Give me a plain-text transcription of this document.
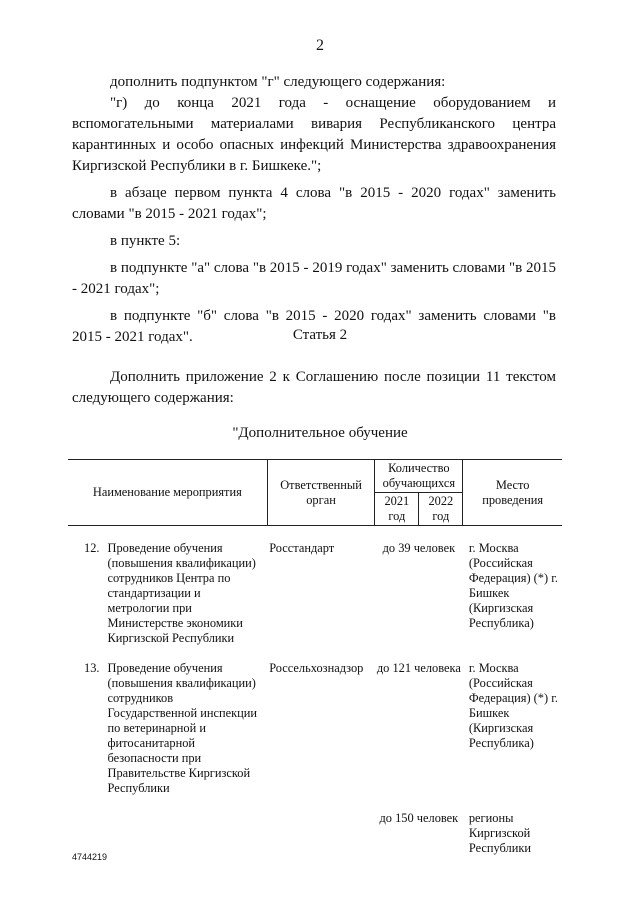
2

дополнить подпунктом "г" следующего содержания:

"г) до конца 2021 года - оснащение оборудованием и вспомогательными материалами вивария Республиканского центра карантинных и особо опасных инфекций Министерства здравоохранения Киргизской Республики в г. Бишкеке.";

в абзаце первом пункта 4 слова "в 2015 - 2020 годах" заменить словами "в 2015 - 2021 годах";

в пункте 5:

в подпункте "а" слова "в 2015 - 2019 годах" заменить словами "в 2015 - 2021 годах";

в подпункте "б" слова "в 2015 - 2020 годах" заменить словами "в 2015 - 2021 годах".	Статья 2

Дополнить приложение 2 к Соглашению после позиции 11 текстом следующего содержания:

"Дополнительное обучение
Наименование мероприятия		Ответственный орган	Количество обучающихся		Место проведения
			2021 год	2022 год	

12.	Проведение обучения (повышения квалификации) сотрудников Центра по стандартизации и метрологии при Министерстве экономики Киргизской Республики	Росстандарт	до 39 человек		г. Москва (Российская Федерация) (*) г. Бишкек (Киргизская Республика)

13.	Проведение обучения (повышения квалификации) сотрудников Государственной инспекции по ветеринарной и фитосанитарной безопасности при Правительстве Киргизской Республики	Россельхознадзор	до 121 человека		г. Москва (Российская Федерация) (*) г. Бишкек (Киргизская Республика)

			до 150 человек		регионы Киргизской Республики
4744219
